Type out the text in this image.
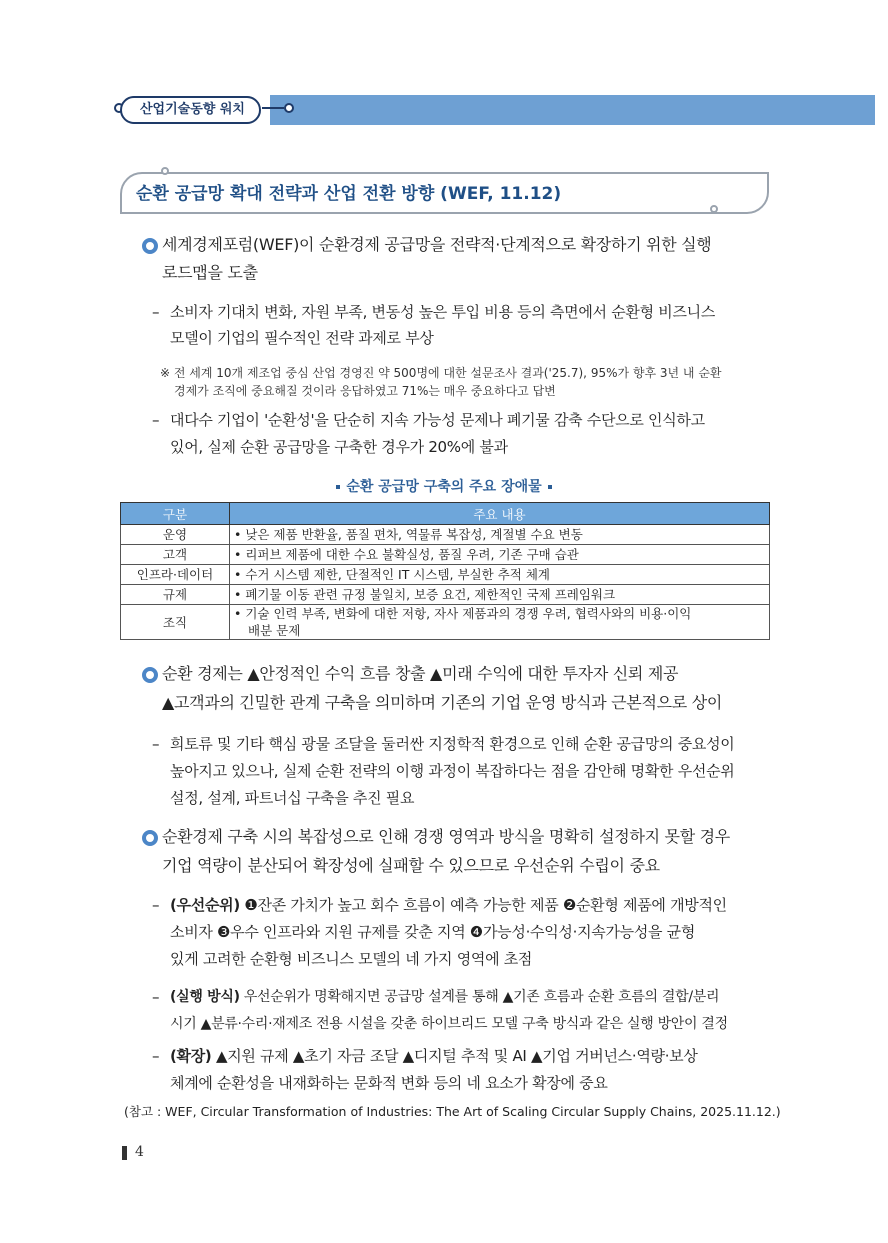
산업기술동향 워치
순환 공급망 확대 전략과 산업 전환 방향 (WEF, 11.12)
세계경제포럼(WEF)이 순환경제 공급망을 전략적·단계적으로 확장하기 위한 실행
로드맵을 도출
– 소비자 기대치 변화, 자원 부족, 변동성 높은 투입 비용 등의 측면에서 순환형 비즈니스
모델이 기업의 필수적인 전략 과제로 부상
※ 전 세계 10개 제조업 중심 산업 경영진 약 500명에 대한 설문조사 결과('25.7), 95%가 향후 3년 내 순환
경제가 조직에 중요해질 것이라 응답하였고 71%는 매우 중요하다고 답변
– 대다수 기업이 '순환성'을 단순히 지속 가능성 문제나 폐기물 감축 수단으로 인식하고
있어, 실제 순환 공급망을 구축한 경우가 20%에 불과
순환 공급망 구축의 주요 장애물
구분	주요 내용
운영	• 낮은 제품 반환율, 품질 편차, 역물류 복잡성, 계절별 수요 변동
고객	• 리퍼브 제품에 대한 수요 불확실성, 품질 우려, 기존 구매 습관
인프라·데이터	• 수거 시스템 제한, 단절적인 IT 시스템, 부실한 추적 체계
규제	• 폐기물 이동 관련 규정 불일치, 보증 요건, 제한적인 국제 프레임워크
조직	• 기술 인력 부족, 변화에 대한 저항, 자사 제품과의 경쟁 우려, 협력사와의 비용·이익
배분 문제
순환 경제는 ▲안정적인 수익 흐름 창출 ▲미래 수익에 대한 투자자 신뢰 제공
▲고객과의 긴밀한 관계 구축을 의미하며 기존의 기업 운영 방식과 근본적으로 상이
– 희토류 및 기타 핵심 광물 조달을 둘러싼 지정학적 환경으로 인해 순환 공급망의 중요성이
높아지고 있으나, 실제 순환 전략의 이행 과정이 복잡하다는 점을 감안해 명확한 우선순위
설정, 설계, 파트너십 구축을 추진 필요
순환경제 구축 시의 복잡성으로 인해 경쟁 영역과 방식을 명확히 설정하지 못할 경우
기업 역량이 분산되어 확장성에 실패할 수 있으므로 우선순위 수립이 중요
– (우선순위) ❶잔존 가치가 높고 회수 흐름이 예측 가능한 제품 ❷순환형 제품에 개방적인
소비자 ❸우수 인프라와 지원 규제를 갖춘 지역 ❹가능성·수익성·지속가능성을 균형
있게 고려한 순환형 비즈니스 모델의 네 가지 영역에 초점
– (실행 방식) 우선순위가 명확해지면 공급망 설계를 통해 ▲기존 흐름과 순환 흐름의 결합/분리
시기 ▲분류·수리·재제조 전용 시설을 갖춘 하이브리드 모델 구축 방식과 같은 실행 방안이 결정
– (확장) ▲지원 규제 ▲초기 자금 조달 ▲디지털 추적 및 AI ▲기업 거버넌스·역량·보상
체계에 순환성을 내재화하는 문화적 변화 등의 네 요소가 확장에 중요
(참고 : WEF, Circular Transformation of Industries: The Art of Scaling Circular Supply Chains, 2025.11.12.)
4
